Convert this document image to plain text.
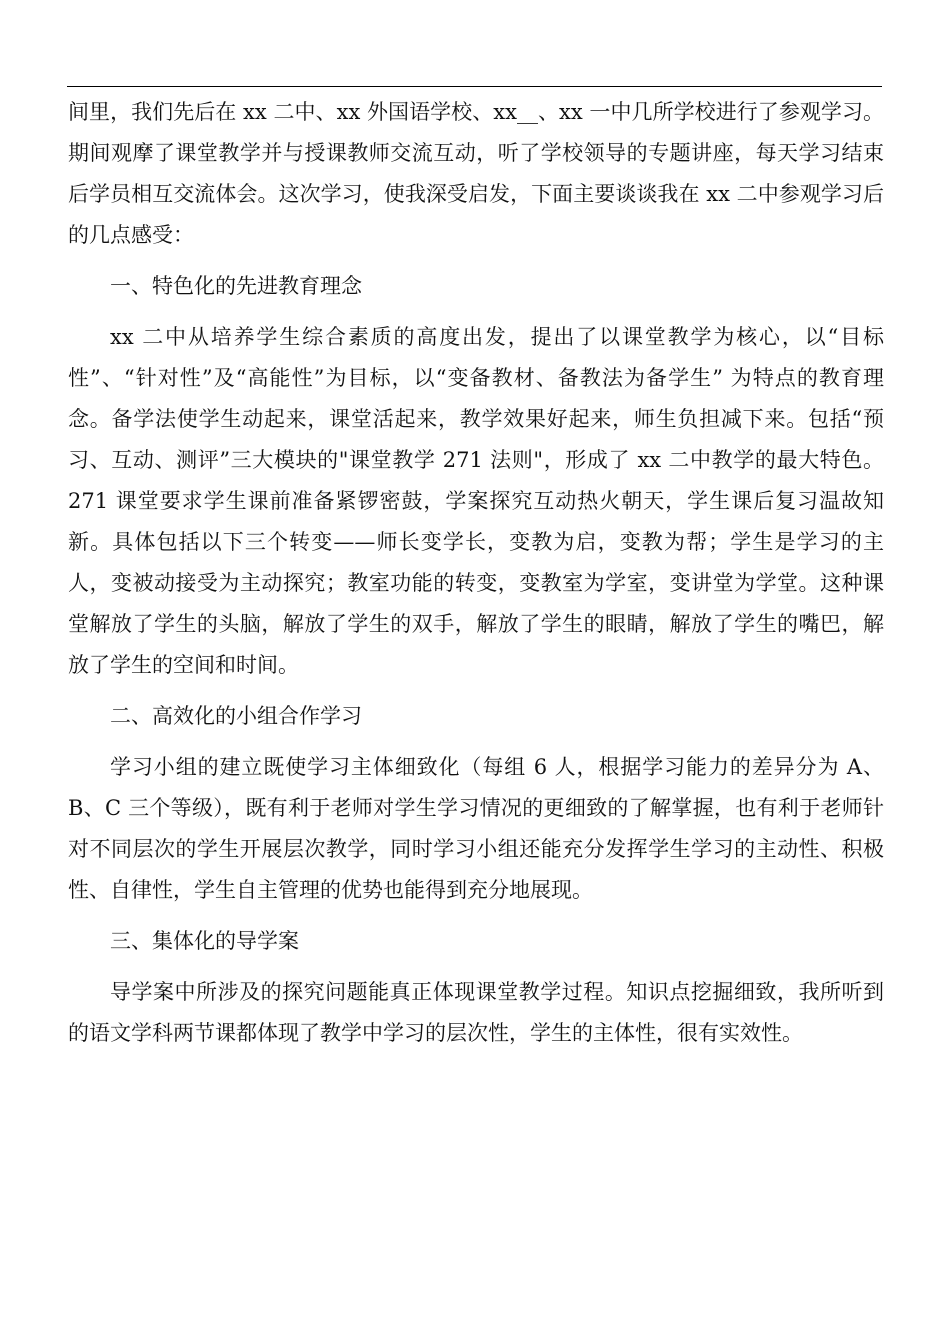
间里，我们先后在 xx 二中、xx 外国语学校、xx__、xx 一中几所学校进行了参观学习。期间观摩了课堂教学并与授课教师交流互动，听了学校领导的专题讲座，每天学习结束后学员相互交流体会。这次学习，使我深受启发，下面主要谈谈我在 xx 二中参观学习后的几点感受：

一、特色化的先进教育理念

xx 二中从培养学生综合素质的高度出发，提出了以课堂教学为核心，以“目标性”、“针对性”及“高能性”为目标，以“变备教材、备教法为备学生” 为特点的教育理念。备学法使学生动起来，课堂活起来，教学效果好起来，师生负担减下来。包括“预习、互动、测评”三大模块的"课堂教学 271 法则"，形成了 xx 二中教学的最大特色。 271 课堂要求学生课前准备紧锣密鼓，学案探究互动热火朝天，学生课后复习温故知新。具体包括以下三个转变——师长变学长，变教为启，变教为帮；学生是学习的主人，变被动接受为主动探究；教室功能的转变，变教室为学室，变讲堂为学堂。这种课堂解放了学生的头脑，解放了学生的双手，解放了学生的眼睛，解放了学生的嘴巴，解放了学生的空间和时间。

二、高效化的小组合作学习

学习小组的建立既使学习主体细致化（每组 6 人，根据学习能力的差异分为 A、B、C 三个等级），既有利于老师对学生学习情况的更细致的了解掌握，也有利于老师针对不同层次的学生开展层次教学，同时学习小组还能充分发挥学生学习的主动性、积极性、自律性，学生自主管理的优势也能得到充分地展现。

三、集体化的导学案

导学案中所涉及的探究问题能真正体现课堂教学过程。知识点挖掘细致，我所听到的语文学科两节课都体现了教学中学习的层次性，学生的主体性，很有实效性。
